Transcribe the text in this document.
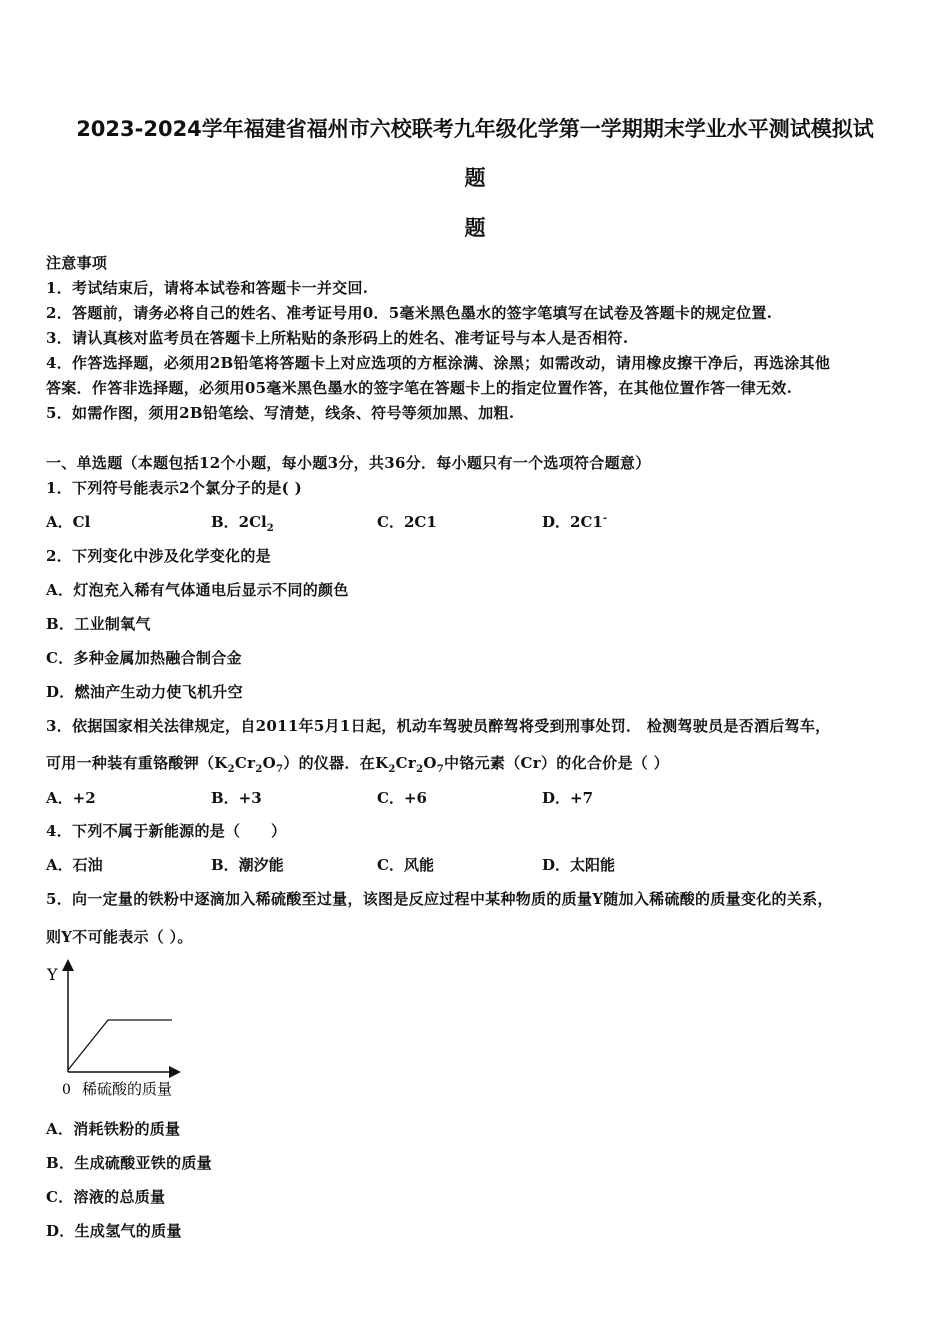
2023-2024学年福建省福州市六校联考九年级化学第一学期期末学业水平测试模拟试
题
题
注意事项
1．考试结束后，请将本试卷和答题卡一并交回.
2．答题前，请务必将自己的姓名、准考证号用0．5毫米黑色墨水的签字笔填写在试卷及答题卡的规定位置.
3．请认真核对监考员在答题卡上所粘贴的条形码上的姓名、准考证号与本人是否相符.
4．作答选择题，必须用2B铅笔将答题卡上对应选项的方框涂满、涂黑；如需改动，请用橡皮擦干净后，再选涂其他
答案．作答非选择题，必须用05毫米黑色墨水的签字笔在答题卡上的指定位置作答，在其他位置作答一律无效.
5．如需作图，须用2B铅笔绘、写清楚，线条、符号等须加黑、加粗.
一、单选题（本题包括12个小题，每小题3分，共36分．每小题只有一个选项符合题意）
1．下列符号能表示2个氯分子的是( )
A．Cl	B．$2Cl_2$	C．2C1	D．2C1-
2．下列变化中涉及化学变化的是
A．灯泡充入稀有气体通电后显示不同的颜色
B．工业制氧气
C．多种金属加热融合制合金
D．燃油产生动力使飞机升空
3．依据国家相关法律规定，自2011年5月1日起，机动车驾驶员醉驾将受到刑事处罚． 检测驾驶员是否酒后驾车，
可用一种装有重铬酸钾$(K_2Cr_2O_7)$的仪器．在$K_2Cr_2O_7$中铬元素（Cr）的化合价是（ ）
A．+2	B．+3	C．+6	D．+7
4．下列不属于新能源的是（　　）
A．石油	B．潮汐能	C．风能	D．太阳能
5．向一定量的铁粉中逐滴加入稀硫酸至过量，该图是反应过程中某种物质的质量Y随加入稀硫酸的质量变化的关系，
则Y不可能表示（ ）。
Y
0 稀硫酸的质量
A．消耗铁粉的质量
B．生成硫酸亚铁的质量
C．溶液的总质量
D．生成氢气的质量
